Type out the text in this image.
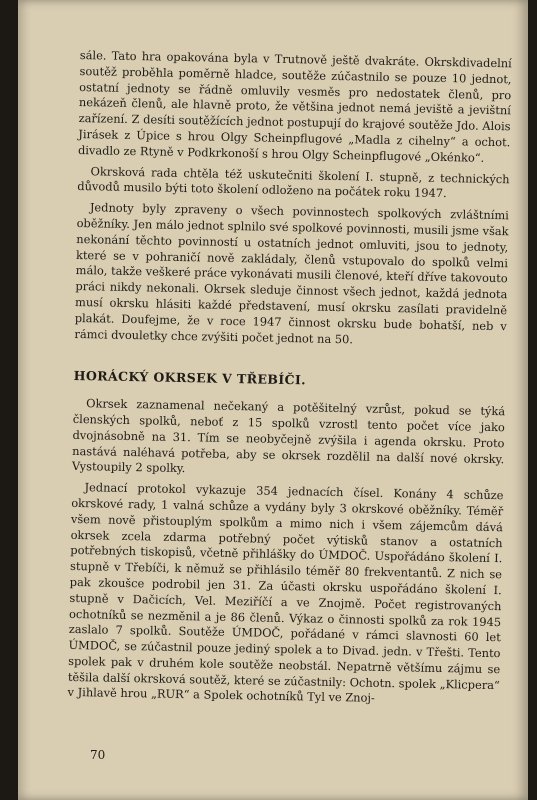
sále. Tato hra opakována byla v Trutnově ještě dvakráte. Okrskdivadelní soutěž proběhla poměrně hladce, soutěže zúčastnilo se pouze 10 jednot, ostatní jednoty se řádně omluvily vesměs pro nedostatek členů, pro nekázeň členů, ale hlavně proto, že většina jednot nemá jeviště a jevištní zařízení. Z desíti soutěžících jednot postupují do krajové soutěže Jdo. Alois Jirásek z Úpice s hrou Olgy Scheinpflugové „Madla z cihelny“ a ochot. divadlo ze Rtyně v Podkrkonoší s hrou Olgy Scheinpflugové „Okénko“.

Okrsková rada chtěla též uskutečniti školení I. stupně, z technických důvodů musilo býti toto školení odloženo na počátek roku 1947.

Jednoty byly zpraveny o všech povinnostech spolkových zvláštními oběžníky. Jen málo jednot splnilo své spolkové povinnosti, musili jsme však nekonání těchto povinností u ostatních jednot omluviti, jsou to jednoty, které se v pohraničí nově zakládaly, členů vstupovalo do spolků velmi málo, takže veškeré práce vykonávati musili členové, kteří dříve takovouto práci nikdy nekonali. Okrsek sleduje činnost všech jednot, každá jednota musí okrsku hlásiti každé představení, musí okrsku zasílati pravidelně plakát. Doufejme, že v roce 1947 činnost okrsku bude bohatší, neb v rámci dvouletky chce zvýšiti počet jednot na 50.

HORÁCKÝ OKRSEK V TŘEBÍČI.

Okrsek zaznamenal nečekaný a potěšitelný vzrůst, pokud se týká členských spolků, neboť z 15 spolků vzrostl tento počet více jako dvojnásobně na 31. Tím se neobyčejně zvýšila i agenda okrsku. Proto nastává naléhavá potřeba, aby se okrsek rozdělil na další nové okrsky. Vystoupily 2 spolky.

Jednací protokol vykazuje 354 jednacích čísel. Konány 4 schůze okrskové rady, 1 valná schůze a vydány byly 3 okrskové oběžníky. Téměř všem nově přistouplým spolkům a mimo nich i všem zájemcům dává okrsek zcela zdarma potřebný počet výtisků stanov a ostatních potřebných tiskopisů, včetně přihlášky do ÚMDOČ. Uspořádáno školení I. stupně v Třebíči, k němuž se přihlásilo téměř 80 frekventantů. Z nich se pak zkoušce podrobil jen 31. Za účasti okrsku uspořádáno školení I. stupně v Dačicích, Vel. Meziříčí a ve Znojmě. Počet registrovaných ochotníků se nezměnil a je 86 členů. Výkaz o činnosti spolků za rok 1945 zaslalo 7 spolků. Soutěže ÚMDOČ, pořádané v rámci slavnosti 60 let ÚMDOČ, se zúčastnil pouze jediný spolek a to Divad. jedn. v Třešti. Tento spolek pak v druhém kole soutěže neobstál. Nepatrně většímu zájmu se těšila další okrsková soutěž, které se zúčastnily: Ochotn. spolek „Klicpera“ v Jihlavě hrou „RUR“ a Spolek ochotníků Tyl ve Znoj-

70
